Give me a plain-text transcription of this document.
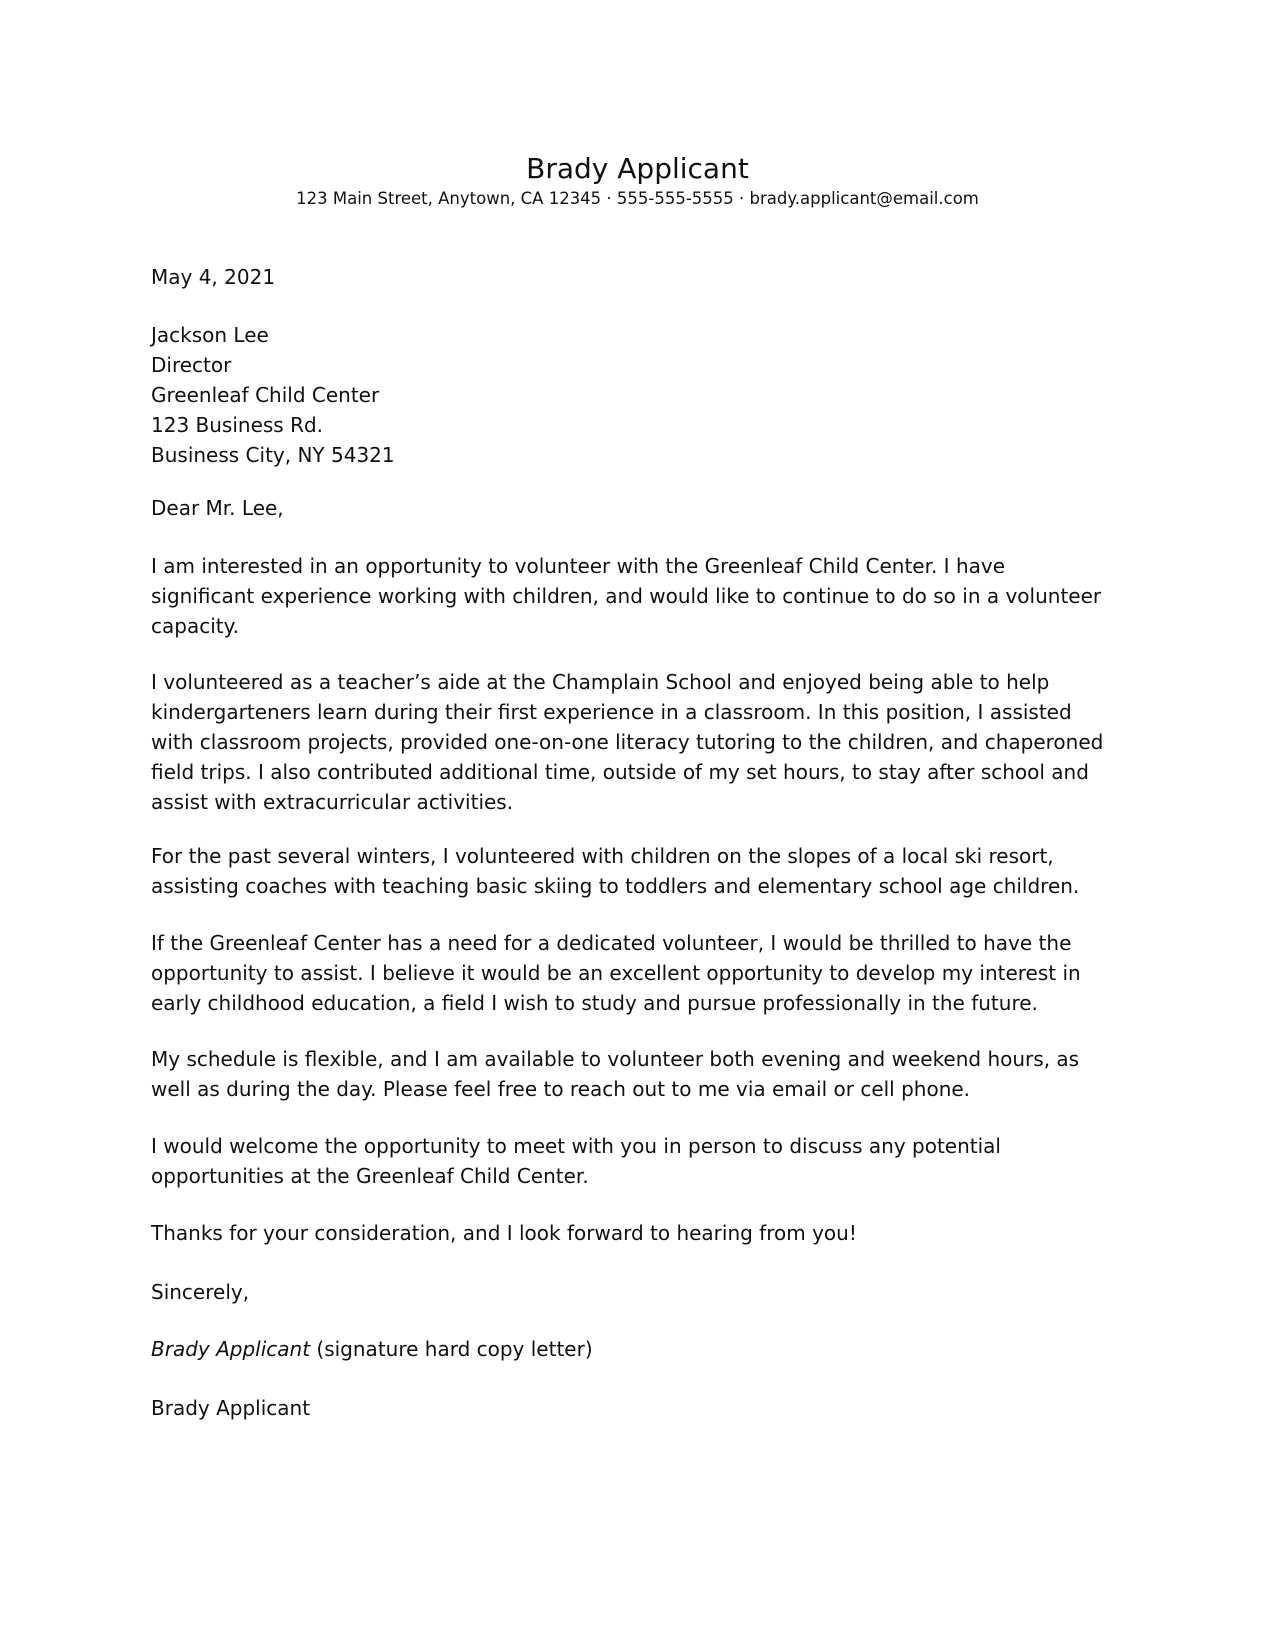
Brady Applicant
123 Main Street, Anytown, CA 12345 · 555-555-5555 · brady.applicant@email.com

May 4, 2021

Jackson Lee
Director
Greenleaf Child Center
123 Business Rd.
Business City, NY 54321

Dear Mr. Lee,

I am interested in an opportunity to volunteer with the Greenleaf Child Center. I have
significant experience working with children, and would like to continue to do so in a volunteer
capacity.
I volunteered as a teacher’s aide at the Champlain School and enjoyed being able to help
kindergarteners learn during their first experience in a classroom. In this position, I assisted
with classroom projects, provided one-on-one literacy tutoring to the children, and chaperoned
field trips. I also contributed additional time, outside of my set hours, to stay after school and
assist with extracurricular activities.
For the past several winters, I volunteered with children on the slopes of a local ski resort,
assisting coaches with teaching basic skiing to toddlers and elementary school age children.
If the Greenleaf Center has a need for a dedicated volunteer, I would be thrilled to have the
opportunity to assist. I believe it would be an excellent opportunity to develop my interest in
early childhood education, a field I wish to study and pursue professionally in the future.
My schedule is flexible, and I am available to volunteer both evening and weekend hours, as
well as during the day. Please feel free to reach out to me via email or cell phone.
I would welcome the opportunity to meet with you in person to discuss any potential
opportunities at the Greenleaf Child Center.
Thanks for your consideration, and I look forward to hearing from you!

Sincerely,

Brady Applicant (signature hard copy letter)

Brady Applicant
